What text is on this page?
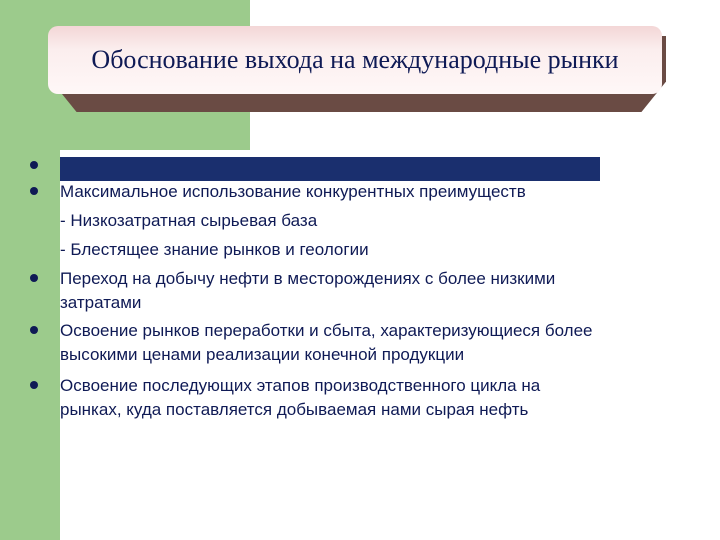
Обоснование выхода на международные рынки
Максимальное использование конкурентных преимуществ
- Низкозатратная сырьевая база
- Блестящее знание рынков и геологии
Переход на добычу нефти в месторождениях с более низкими
затратами
Освоение рынков переработки и сбыта, характеризующиеся более
высокими ценами реализации конечной продукции
Освоение последующих этапов производственного цикла на
рынках, куда поставляется добываемая нами сырая нефть
